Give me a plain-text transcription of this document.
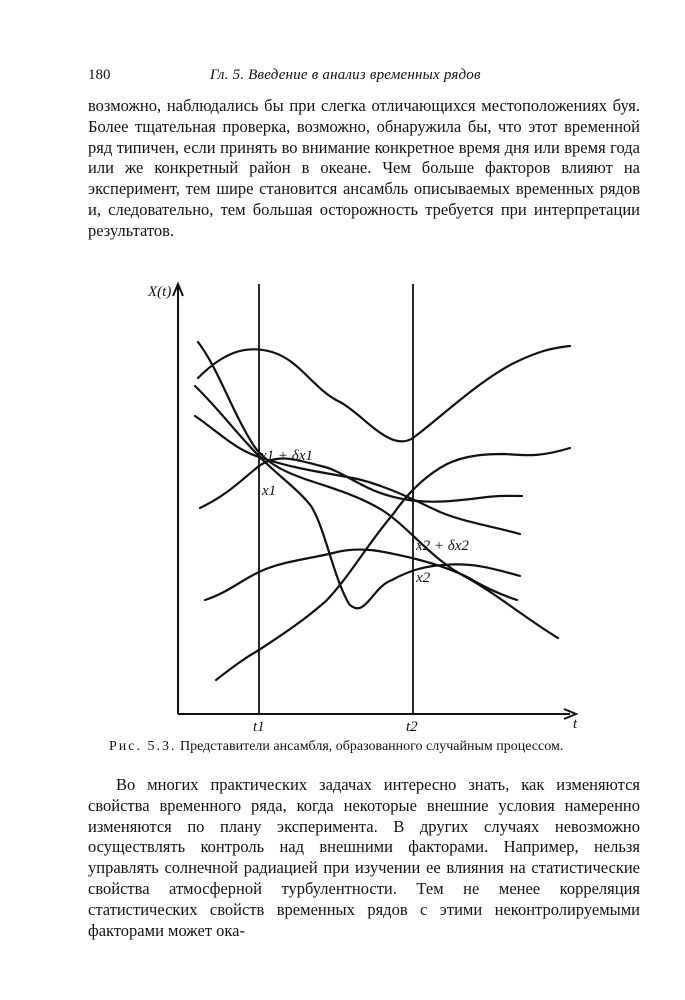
180	Гл. 5. Введение в анализ временных рядов

возможно, наблюдались бы при слегка отличающихся местоположениях буя. Более тщательная проверка, возможно, обнаружила бы, что этот временной ряд типичен, если принять во внимание конкретное время дня или время года или же конкретный район в океане. Чем больше факторов влияют на эксперимент, тем шире становится ансамбль описываемых временных рядов и, следовательно, тем большая осторожность требуется при интерпретации результатов.

X(t)
t
t1	t2
x1 + δx1
x1
x2 + δx2
x2
Рис. 5.3. Представители ансамбля, образованного случайным процессом.

Во многих практических задачах интересно знать, как изменяются свойства временного ряда, когда некоторые внешние условия намеренно изменяются по плану эксперимента. В других случаях невозможно осуществлять контроль над внешними факторами. Например, нельзя управлять солнечной радиацией при изучении ее влияния на статистические свойства атмосферной турбулентности. Тем не менее корреляция статистических свойств временных рядов с этими неконтролируемыми факторами может ока-
